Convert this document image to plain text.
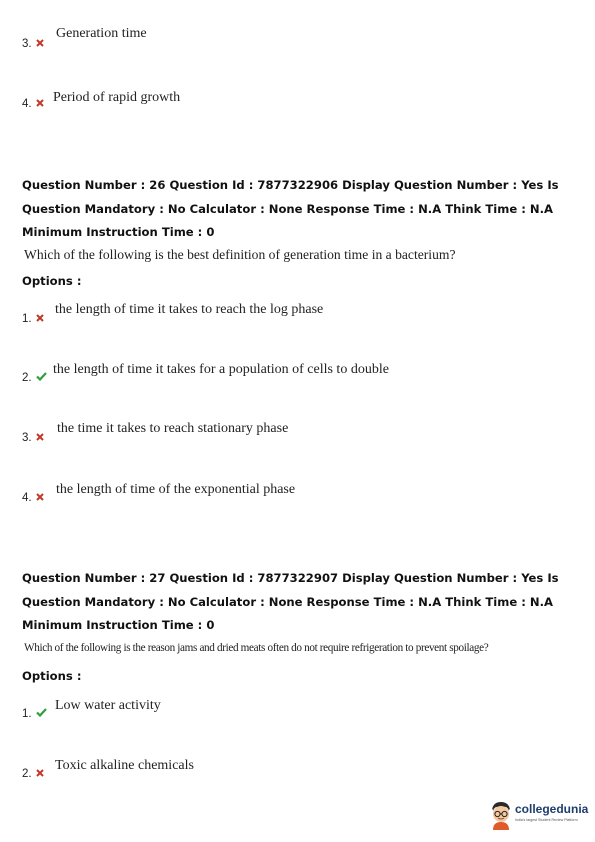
3.
Generation time
4.	Period of rapid growth
Question Number : 26 Question Id : 7877322906 Display Question Number : Yes Is Question Mandatory : No Calculator : None Response Time : N.A Think Time : N.A Minimum Instruction Time : 0
Which of the following is the best definition of generation time in a bacterium?
Options :
1.
the length of time it takes to reach the log phase
2.
the length of time it takes for a population of cells to double
3.
the time it takes to reach stationary phase
4.
the length of time of the exponential phase
Question Number : 27 Question Id : 7877322907 Display Question Number : Yes Is Question Mandatory : No Calculator : None Response Time : N.A Think Time : N.A Minimum Instruction Time : 0
Which of the following is the reason jams and dried meats often do not require refrigeration to prevent spoilage?
Options :
1.
Low water activity
2.
Toxic alkaline chemicals
collegedunia
India's largest Student Review Platform
